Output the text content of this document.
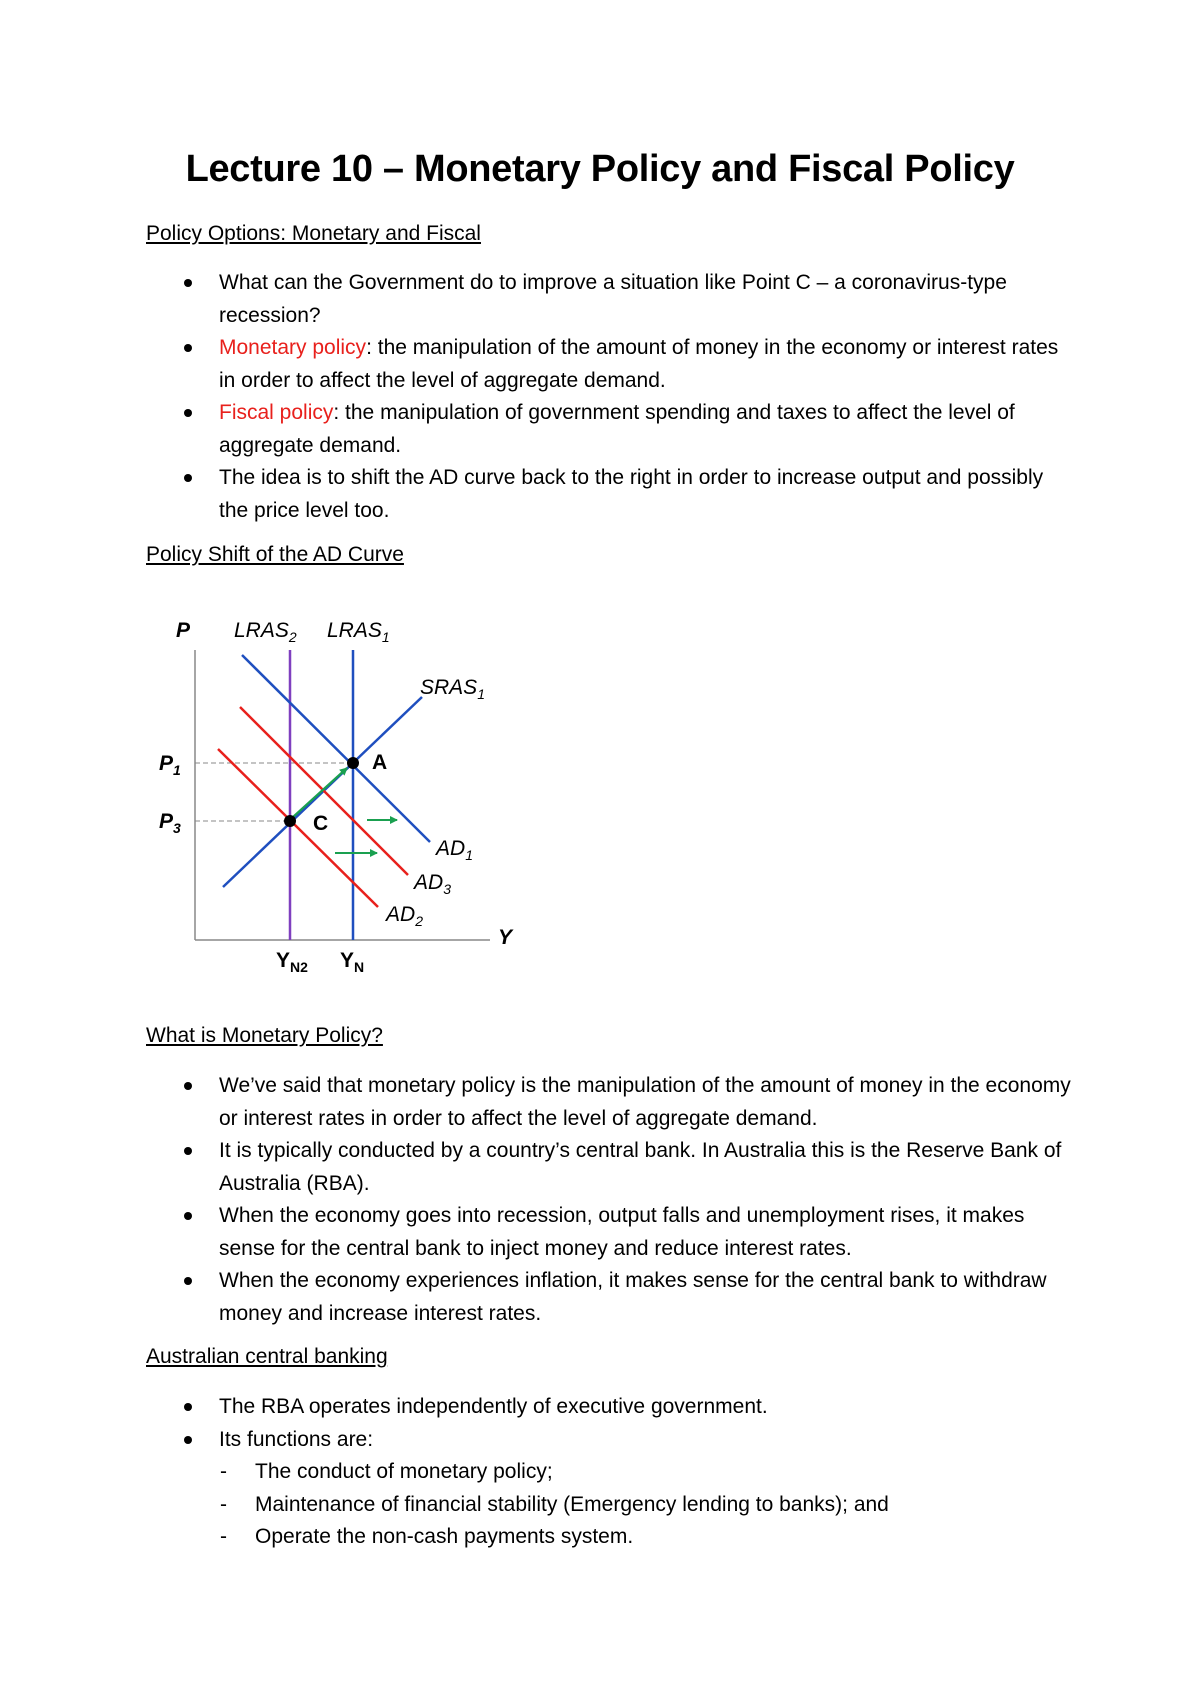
Lecture 10 – Monetary Policy and Fiscal Policy
Policy Options: Monetary and Fiscal
What can the Government do to improve a situation like Point C – a coronavirus-type recession?
Monetary policy: the manipulation of the amount of money in the economy or interest rates in order to affect the level of aggregate demand.
Fiscal policy: the manipulation of government spending and taxes to affect the level of aggregate demand.
The idea is to shift the AD curve back to the right in order to increase output and possibly the price level too.
Policy Shift of the AD Curve
P
Y
A
C
$LRAS_2$ $LRAS_1$
$SRAS_1$
$AD_1$
$AD_3$
$AD_2$
$P_1$
$P_3$
$Y_{N2}$ $Y_N$
What is Monetary Policy?
We’ve said that monetary policy is the manipulation of the amount of money in the economy or interest rates in order to affect the level of aggregate demand.
It is typically conducted by a country’s central bank. In Australia this is the Reserve Bank of Australia (RBA).
When the economy goes into recession, output falls and unemployment rises, it makes sense for the central bank to inject money and reduce interest rates.
When the economy experiences inflation, it makes sense for the central bank to withdraw money and increase interest rates.
Australian central banking
The RBA operates independently of executive government.
Its functions are:
- The conduct of monetary policy;
- Maintenance of financial stability (Emergency lending to banks); and
- Operate the non-cash payments system.
